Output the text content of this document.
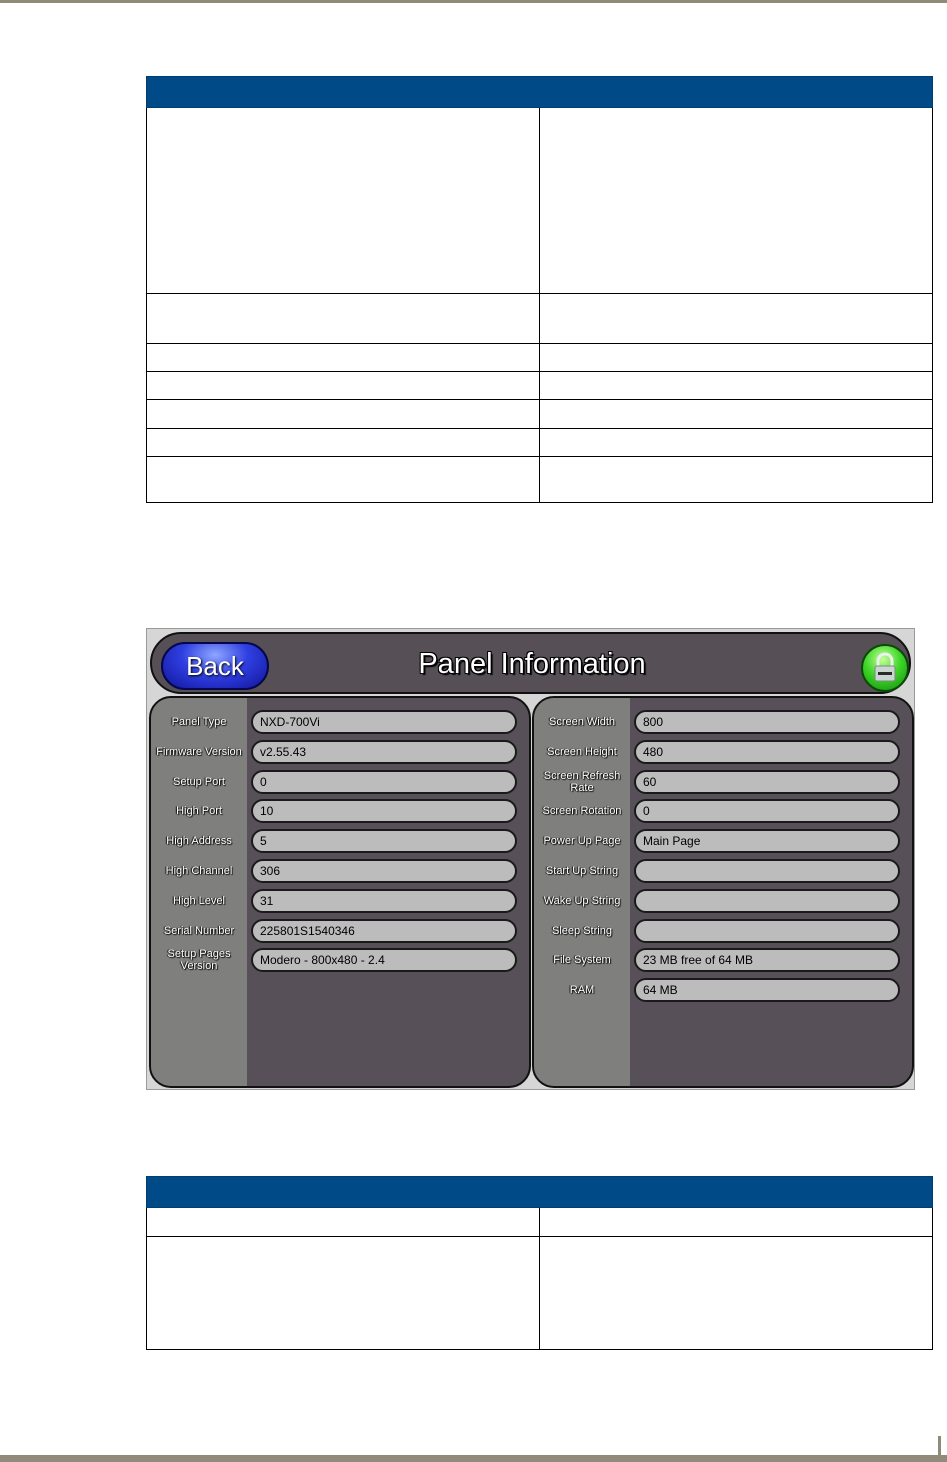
Back	Panel Information
Panel Type	NXD-700Vi
Firmware Version	v2.55.43
Setup Port	0
High Port	10
High Address	5
High Channel	306
High Level	31
Serial Number	225801S1540346
Setup Pages Version	Modero - 800x480 - 2.4
Screen Width	800
Screen Height	480
Screen Refresh Rate	60
Screen Rotation	0
Power Up Page	Main Page
Start Up String
Wake Up String
Sleep String
File System	23 MB free of 64 MB
RAM	64 MB
